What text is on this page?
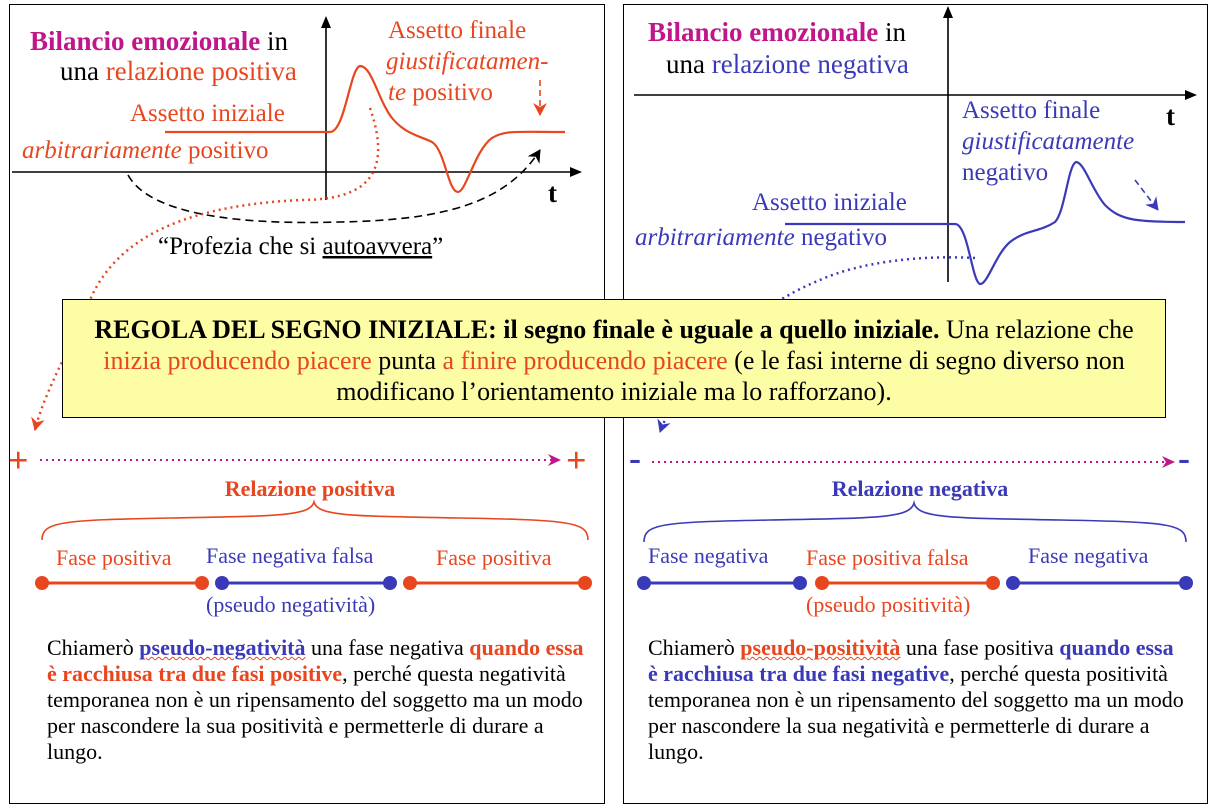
t
Bilancio emozionale in
una relazione positiva
Assetto finale
giustificatamen-
te positivo
Assetto iniziale
arbitrariamente positivo
“Profezia che si autoavvera”
+	+
Relazione positiva
Fase positiva Fase negativa falsa	Fase positiva
(pseudo negatività)
t
Bilancio emozionale in
una relazione negativa
Assetto finale
giustificatamente
negativo
Assetto iniziale
arbitrariamente negativo
-	-
Relazione negativa
Fase negativa Fase positiva falsa	Fase negativa
(pseudo positività)
REGOLA DEL SEGNO INIZIALE: il segno finale è uguale a quello iniziale. Una relazione che inizia producendo piacere punta a finire producendo piacere (e le fasi interne di segno diverso non modificano l’orientamento iniziale ma lo rafforzano).
Chiamerò pseudo-negatività una fase negativa quando essa è racchiusa tra due fasi positive, perché questa negatività temporanea non è un ripensamento del soggetto ma un modo per nascondere la sua positività e permetterle di durare a lungo.
Chiamerò pseudo-positività una fase positiva quando essa è racchiusa tra due fasi negative, perché questa positività temporanea non è un ripensamento del soggetto ma un modo per nascondere la sua negatività e permetterle di durare a lungo.
